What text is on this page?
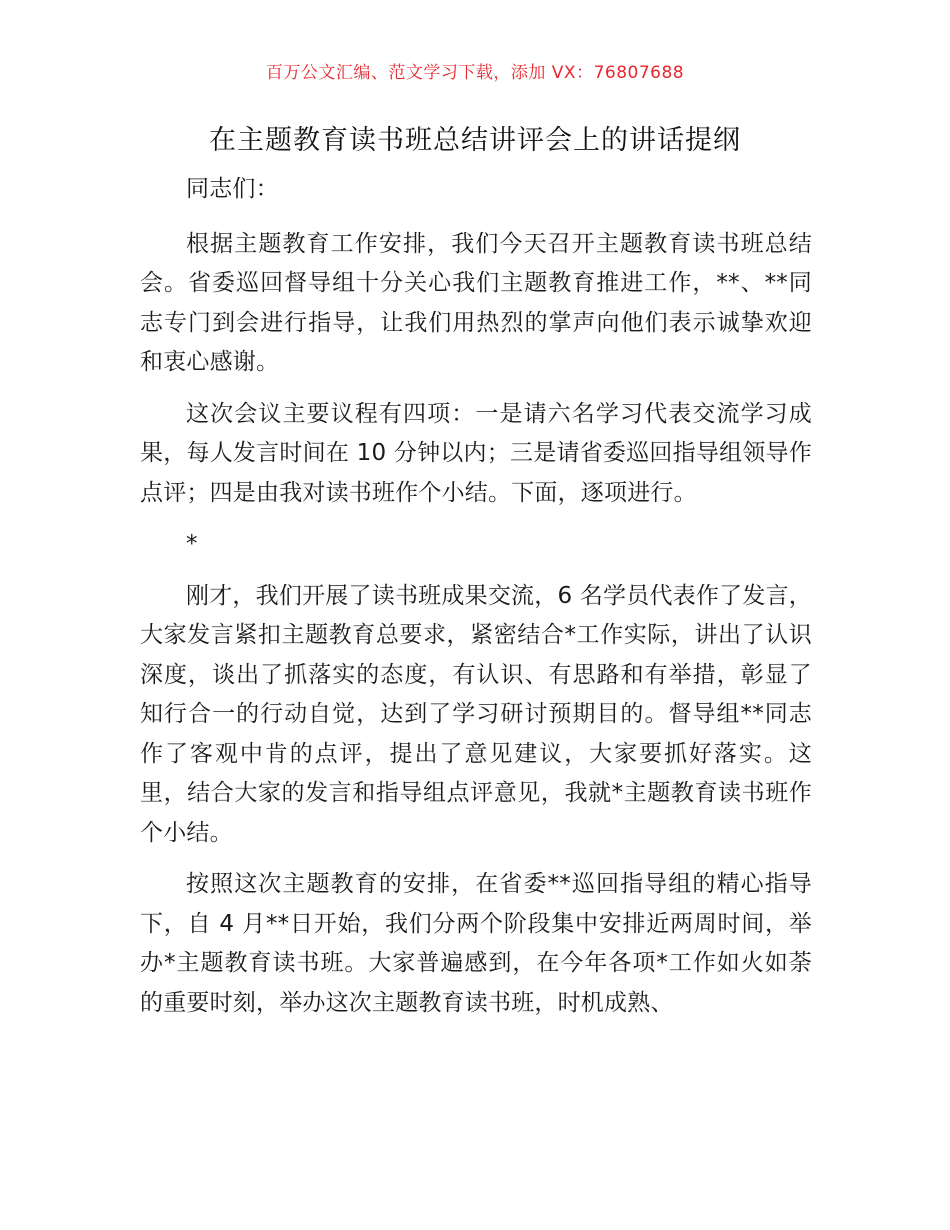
百万公文汇编、范文学习下载，添加 VX：76807688
在主题教育读书班总结讲评会上的讲话提纲

同志们：

根据主题教育工作安排，我们今天召开主题教育读书班总结会。省委巡回督导组十分关心我们主题教育推进工作，**、**同志专门到会进行指导，让我们用热烈的掌声向他们表示诚挚欢迎和衷心感谢。

这次会议主要议程有四项：一是请六名学习代表交流学习成果，每人发言时间在 10 分钟以内；三是请省委巡回指导组领导作点评；四是由我对读书班作个小结。下面，逐项进行。

*

刚才，我们开展了读书班成果交流，6 名学员代表作了发言，大家发言紧扣主题教育总要求，紧密结合*工作实际，讲出了认识深度，谈出了抓落实的态度，有认识、有思路和有举措，彰显了知行合一的行动自觉，达到了学习研讨预期目的。督导组**同志作了客观中肯的点评，提出了意见建议，大家要抓好落实。这里，结合大家的发言和指导组点评意见，我就*主题教育读书班作个小结。

按照这次主题教育的安排，在省委**巡回指导组的精心指导下，自 4 月**日开始，我们分两个阶段集中安排近两周时间，举办*主题教育读书班。大家普遍感到，在今年各项*工作如火如荼的重要时刻，举办这次主题教育读书班，时机成熟、
